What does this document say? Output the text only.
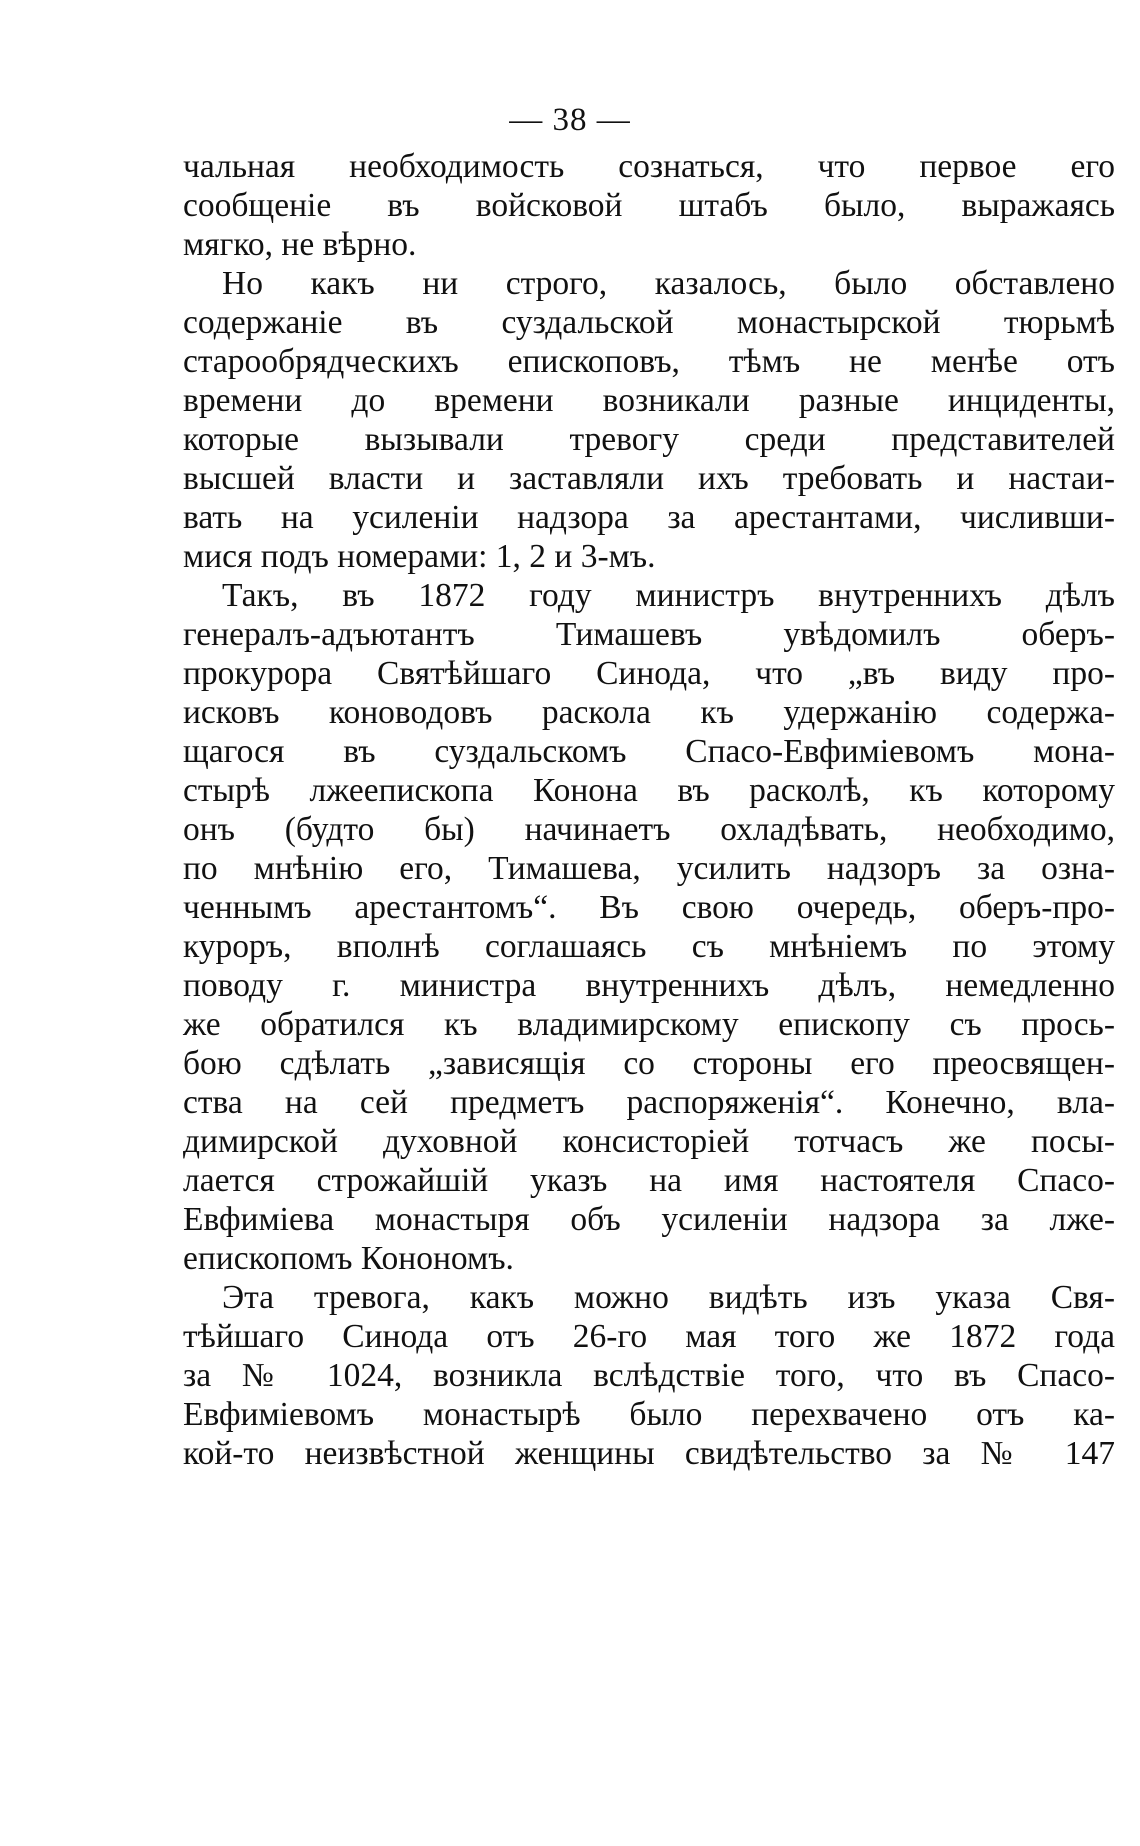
— 38 —
чальная необходимость сознаться, что первое его
сообщеніе въ войсковой штабъ было, выражаясь
мягко, не вѣрно.
Но какъ ни строго, казалось, было обставлено
содержаніе въ суздальской монастырской тюрьмѣ
старообрядческихъ епископовъ, тѣмъ не менѣе отъ
времени до времени возникали разные инциденты,
которые вызывали тревогу среди представителей
высшей власти и заставляли ихъ требовать и настаи-
вать на усиленіи надзора за арестантами, числивши-
мися подъ номерами: 1, 2 и 3-мъ.
Такъ, въ 1872 году министръ внутреннихъ дѣлъ
генералъ-адъютантъ Тимашевъ увѣдомилъ оберъ-
прокурора Святѣйшаго Синода, что „въ виду про-
исковъ коноводовъ раскола къ удержанію содержа-
щагося въ суздальскомъ Спасо-Евфиміевомъ мона-
стырѣ лжеепископа Конона въ расколѣ, къ которому
онъ (будто бы) начинаетъ охладѣвать, необходимо,
по мнѣнію его, Тимашева, усилить надзоръ за озна-
ченнымъ арестантомъ“. Въ свою очередь, оберъ-про-
куроръ, вполнѣ соглашаясь съ мнѣніемъ по этому
поводу г. министра внутреннихъ дѣлъ, немедленно
же обратился къ владимирскому епископу съ прось-
бою сдѣлать „зависящія со стороны его преосвящен-
ства на сей предметъ распоряженія“. Конечно, вла-
димирской духовной консисторіей тотчасъ же посы-
лается строжайшій указъ на имя настоятеля Спасо-
Евфиміева монастыря объ усиленіи надзора за лже-
епископомъ Конономъ.
Эта тревога, какъ можно видѣть изъ указа Свя-
тѣйшаго Синода отъ 26-го мая того же 1872 года
за № 1024, возникла вслѣдствіе того, что въ Спасо-
Евфиміевомъ монастырѣ было перехвачено отъ ка-
кой-то неизвѣстной женщины свидѣтельство за № 147
